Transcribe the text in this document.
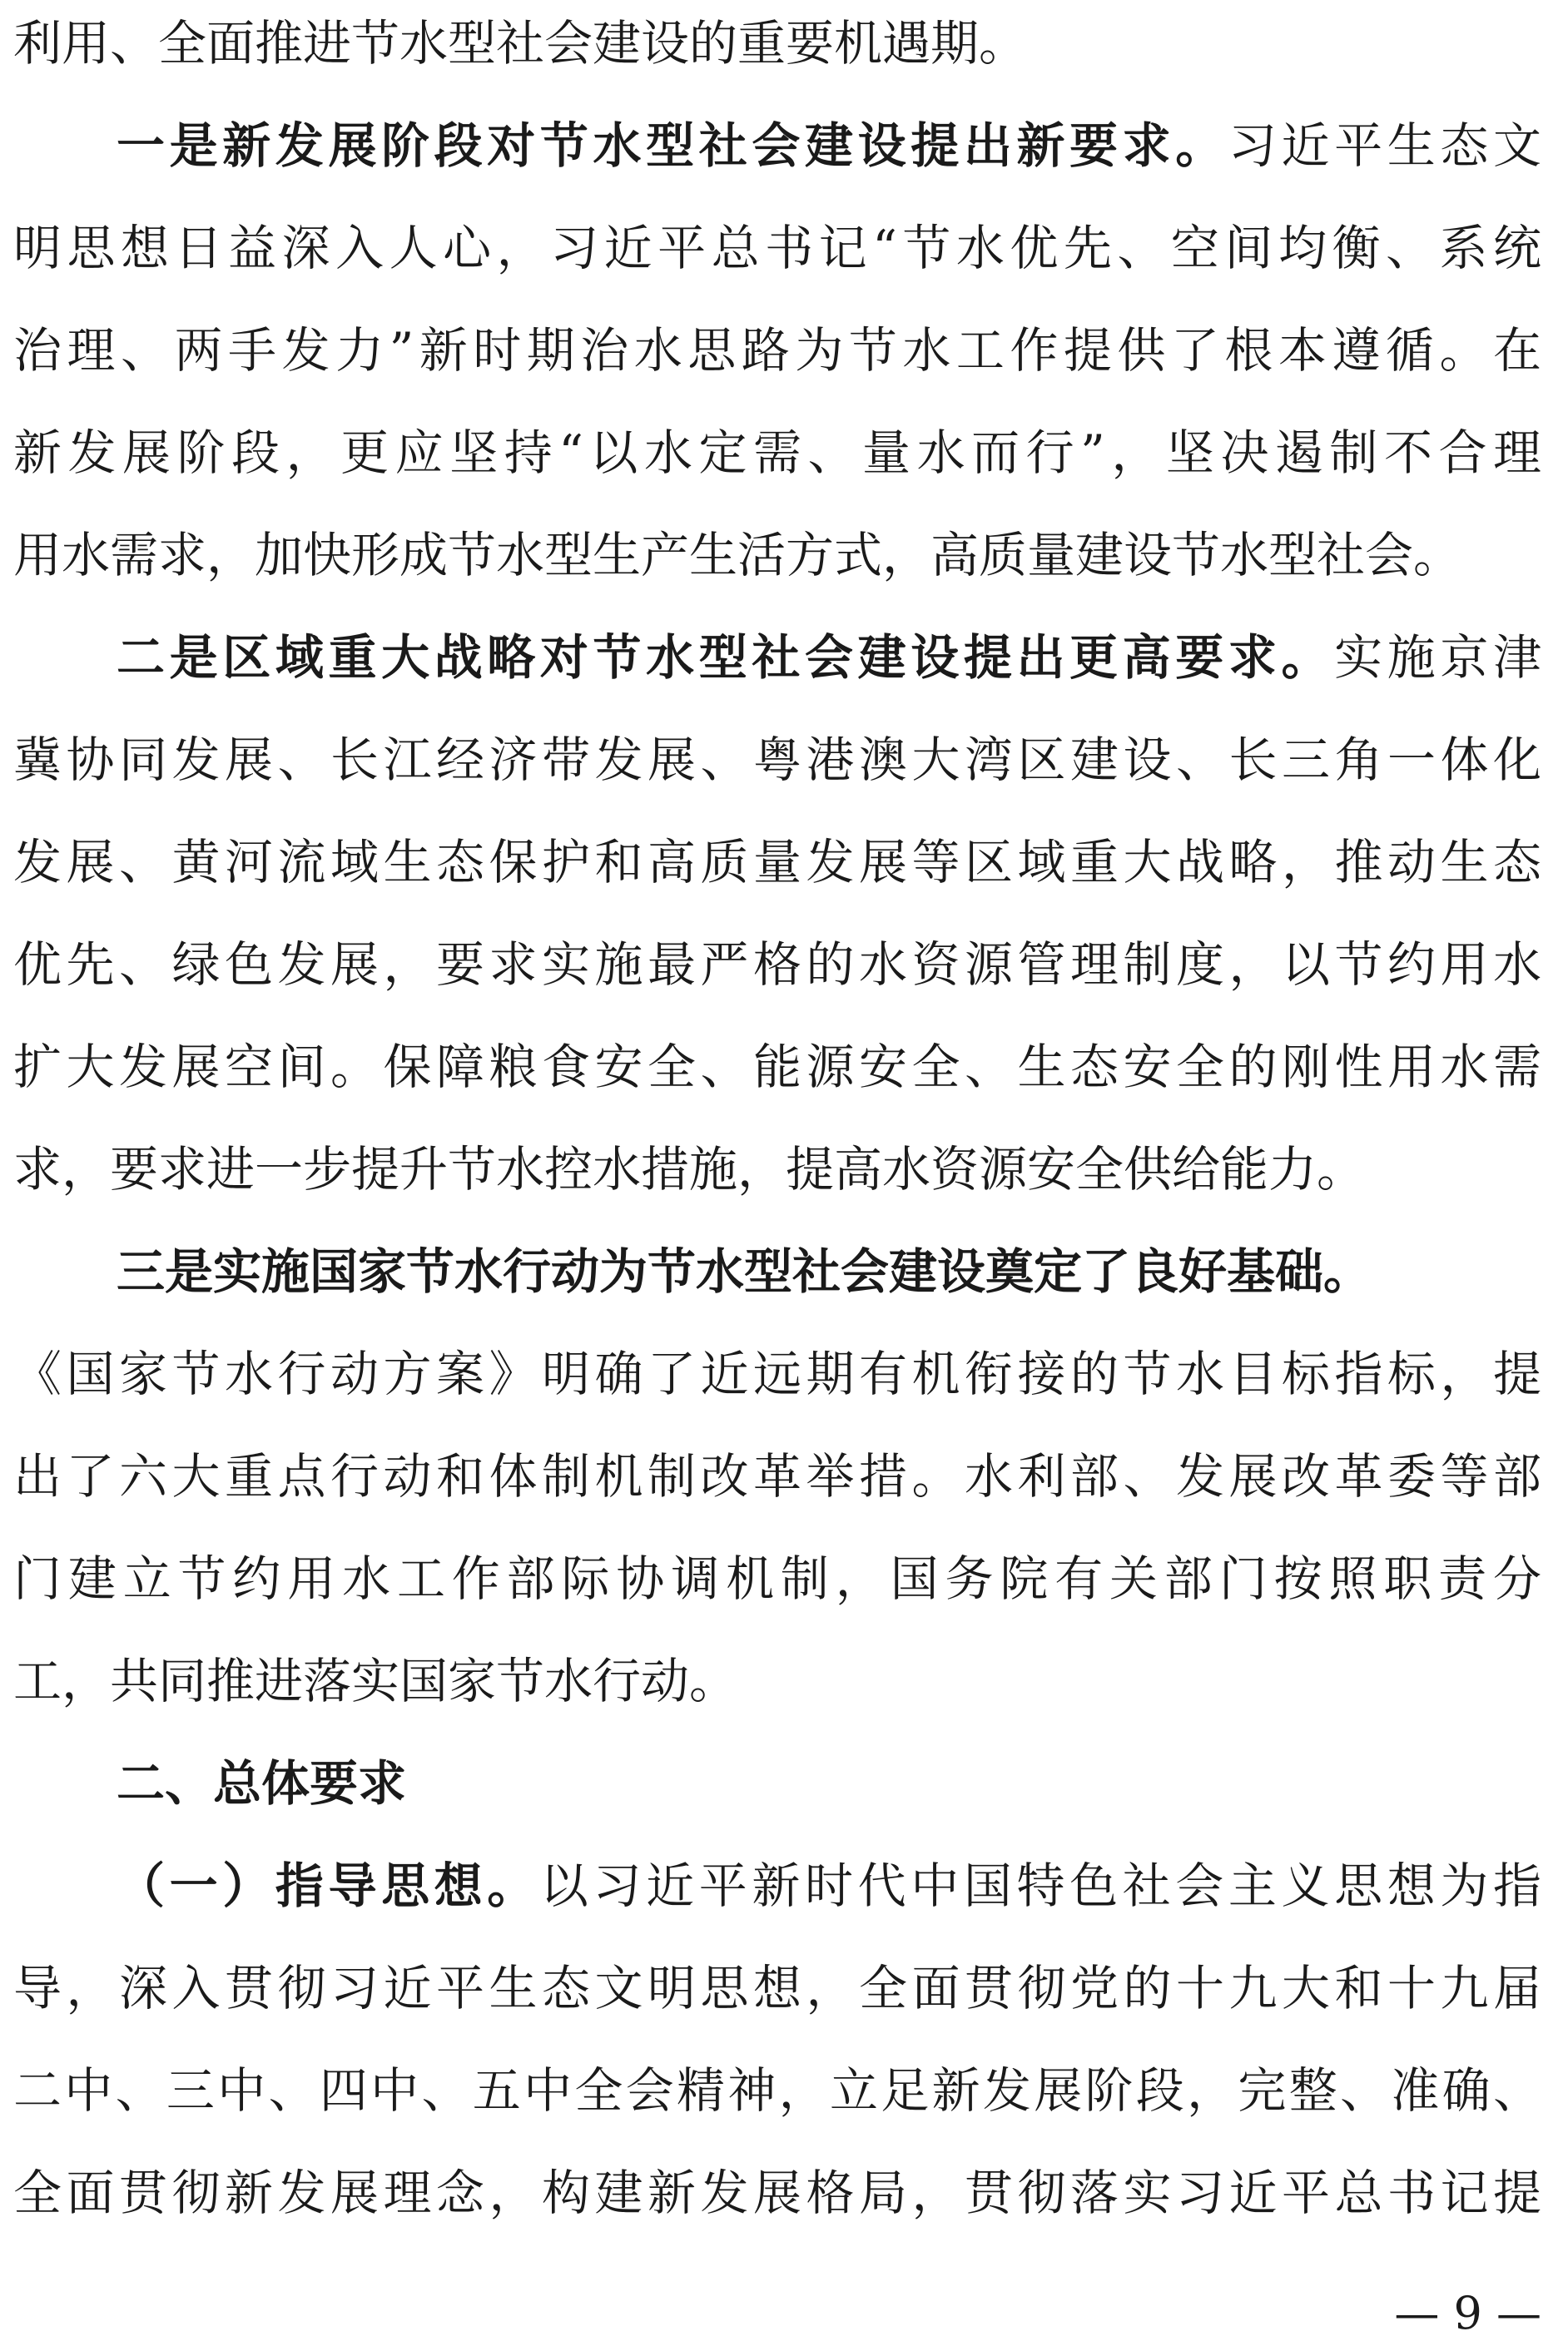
利用、全面推进节水型社会建设的重要机遇期。
一是新发展阶段对节水型社会建设提出新要求。习近平生态文
明思想日益深入人心，习近平总书记“节水优先、空间均衡、系统
治理、两手发力”新时期治水思路为节水工作提供了根本遵循。在
新发展阶段，更应坚持“以水定需、量水而行”，坚决遏制不合理
用水需求，加快形成节水型生产生活方式，高质量建设节水型社会。
二是区域重大战略对节水型社会建设提出更高要求。实施京津
冀协同发展、长江经济带发展、粤港澳大湾区建设、长三角一体化
发展、黄河流域生态保护和高质量发展等区域重大战略，推动生态
优先、绿色发展，要求实施最严格的水资源管理制度，以节约用水
扩大发展空间。保障粮食安全、能源安全、生态安全的刚性用水需
求，要求进一步提升节水控水措施，提高水资源安全供给能力。
三是实施国家节水行动为节水型社会建设奠定了良好基础。
《国家节水行动方案》明确了近远期有机衔接的节水目标指标，提
出了六大重点行动和体制机制改革举措。水利部、发展改革委等部
门建立节约用水工作部际协调机制，国务院有关部门按照职责分
工，共同推进落实国家节水行动。
二、总体要求
（一）指导思想。以习近平新时代中国特色社会主义思想为指
导，深入贯彻习近平生态文明思想，全面贯彻党的十九大和十九届
二中、三中、四中、五中全会精神，立足新发展阶段，完整、准确、
全面贯彻新发展理念，构建新发展格局，贯彻落实习近平总书记提
— 9 —
